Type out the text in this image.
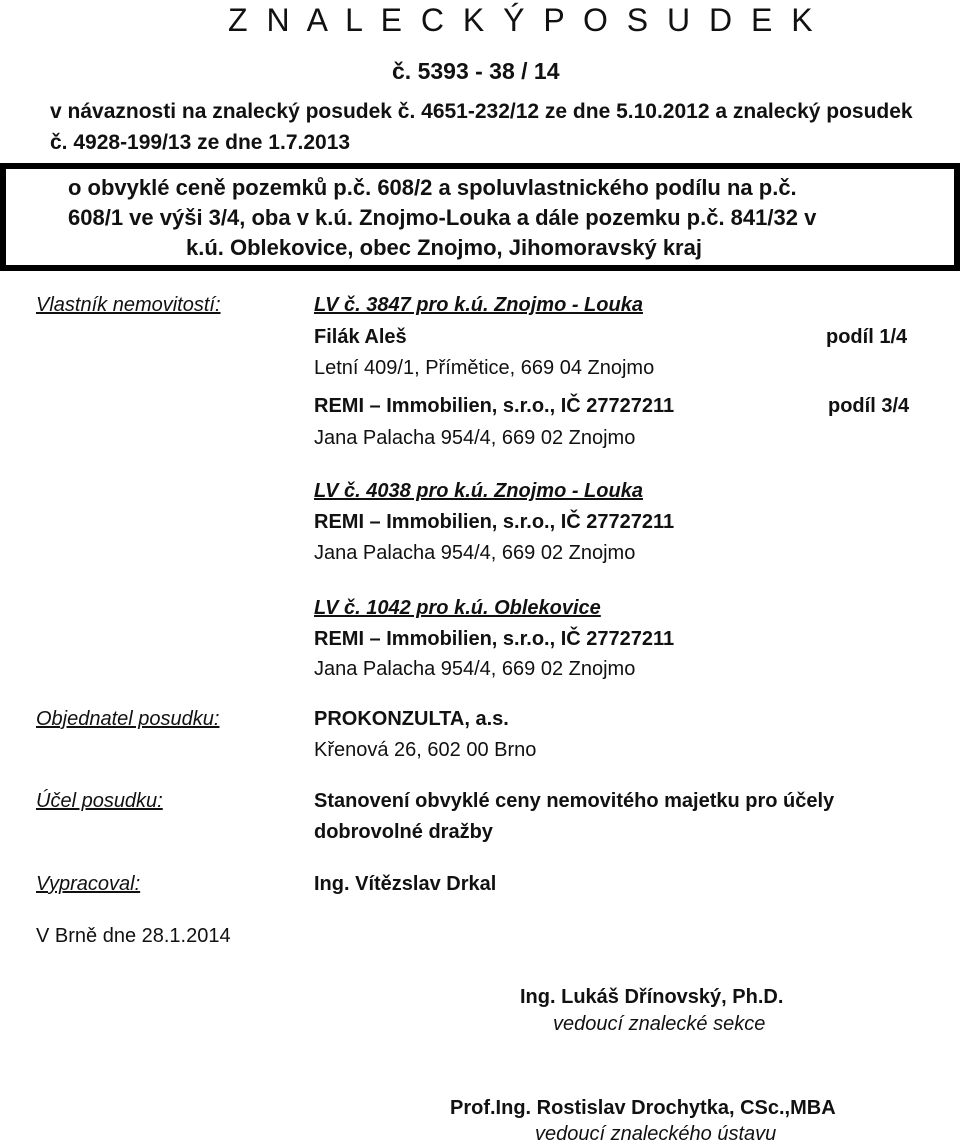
Z N A L E C K Ý P O S U D E K
č. 5393 - 38 / 14
v návaznosti na znalecký posudek č. 4651-232/12 ze dne 5.10.2012 a znalecký posudek č. 4928-199/13 ze dne 1.7.2013
o obvyklé ceně pozemků p.č. 608/2 a spoluvlastnického podílu na p.č.
608/1 ve výši 3/4, oba v k.ú. Znojmo-Louka a dále pozemku p.č. 841/32 v
k.ú. Oblekovice, obec Znojmo, Jihomoravský kraj
Vlastník nemovitostí:	LV č. 3847 pro k.ú. Znojmo - Louka
Filák Aleš	podíl 1/4
Letní 409/1, Přímětice, 669 04 Znojmo
REMI – Immobilien, s.r.o., IČ 27727211	podíl 3/4
Jana Palacha 954/4, 669 02 Znojmo
LV č. 4038 pro k.ú. Znojmo - Louka
REMI – Immobilien, s.r.o., IČ 27727211
Jana Palacha 954/4, 669 02 Znojmo
LV č. 1042 pro k.ú. Oblekovice
REMI – Immobilien, s.r.o., IČ 27727211
Jana Palacha 954/4, 669 02 Znojmo
Objednatel posudku:	PROKONZULTA, a.s.
Křenová 26, 602 00 Brno
Účel posudku:	Stanovení obvyklé ceny nemovitého majetku pro účely
dobrovolné dražby
Vypracoval:	Ing. Vítězslav Drkal
V Brně dne 28.1.2014
Ing. Lukáš Dřínovský, Ph.D.
vedoucí znalecké sekce
Prof.Ing. Rostislav Drochytka, CSc.,MBA
vedoucí znaleckého ústavu
